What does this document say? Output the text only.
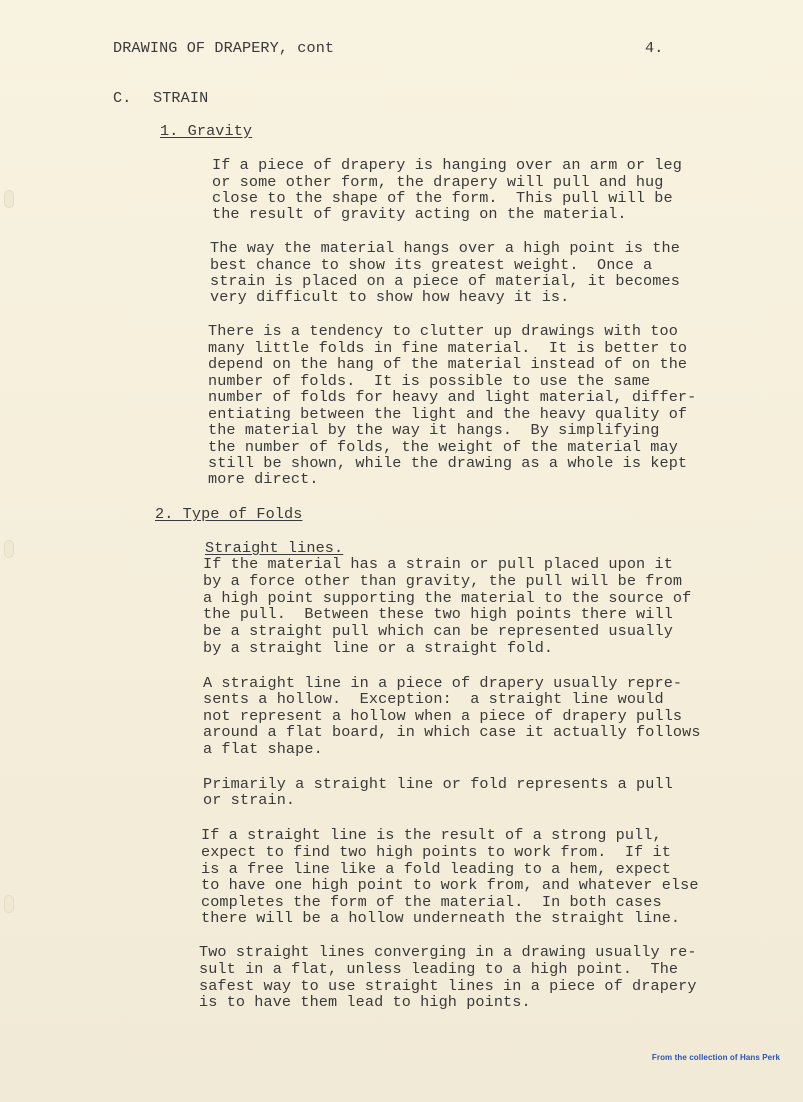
DRAWING OF DRAPERY, cont	4.
C. STRAIN
1. Gravity
If a piece of drapery is hanging over an arm or leg
or some other form, the drapery will pull and hug
close to the shape of the form.  This pull will be
the result of gravity acting on the material.
The way the material hangs over a high point is the
best chance to show its greatest weight.  Once a
strain is placed on a piece of material, it becomes
very difficult to show how heavy it is.
There is a tendency to clutter up drawings with too
many little folds in fine material.  It is better to
depend on the hang of the material instead of on the
number of folds.  It is possible to use the same
number of folds for heavy and light material, differ-
entiating between the light and the heavy quality of
the material by the way it hangs.  By simplifying
the number of folds, the weight of the material may
still be shown, while the drawing as a whole is kept
more direct.
2. Type of Folds
Straight lines.
If the material has a strain or pull placed upon it
by a force other than gravity, the pull will be from
a high point supporting the material to the source of
the pull.  Between these two high points there will
be a straight pull which can be represented usually
by a straight line or a straight fold.
A straight line in a piece of drapery usually repre-
sents a hollow.  Exception:  a straight line would
not represent a hollow when a piece of drapery pulls
around a flat board, in which case it actually follows
a flat shape.
Primarily a straight line or fold represents a pull
or strain.
If a straight line is the result of a strong pull,
expect to find two high points to work from.  If it
is a free line like a fold leading to a hem, expect
to have one high point to work from, and whatever else
completes the form of the material.  In both cases
there will be a hollow underneath the straight line.
Two straight lines converging in a drawing usually re-
sult in a flat, unless leading to a high point.  The
safest way to use straight lines in a piece of drapery
is to have them lead to high points.
From the collection of Hans Perk
